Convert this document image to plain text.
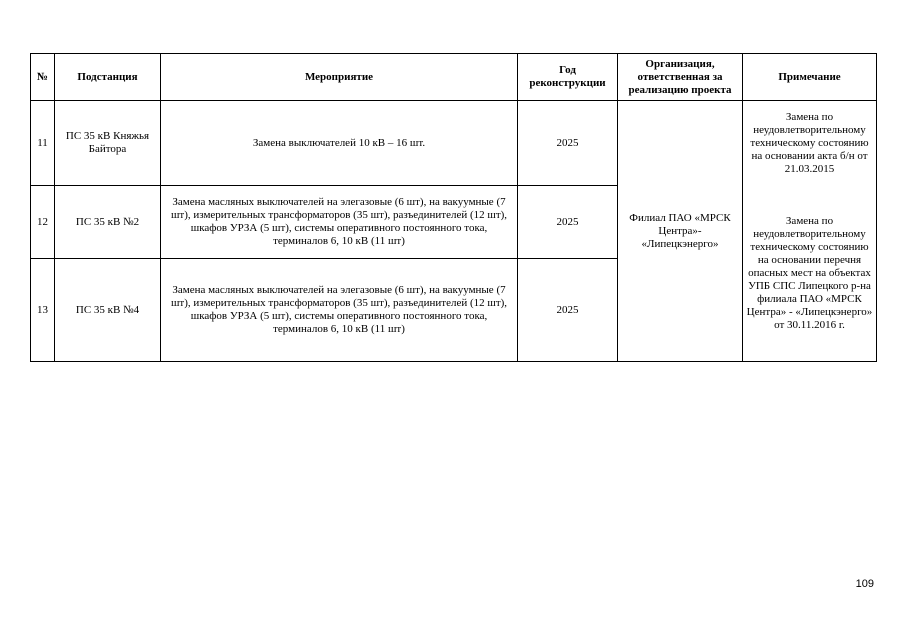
№	Подстанция	Мероприятие	Год реконструкции	Организация, ответственная за реализацию проекта	Примечание
11	ПС 35 кВ Княжья Байтора	Замена выключателей 10 кВ – 16 шт.	2025	Филиал ПАО «МРСК Центра»- «Липецкэнерго»	Замена по неудовлетворительному техническому состоянию на основании акта б/н от 21.03.2015
12	ПС 35 кВ №2	Замена масляных выключателей на элегазовые (6 шт), на вакуумные (7 шт), измерительных трансформаторов (35 шт), разъединителей (12 шт), шкафов УРЗА (5 шт), системы оперативного постоянного тока, терминалов 6, 10 кВ (11 шт)	2025		Замена по неудовлетворительному техническому состоянию на основании перечня опасных мест на объектах УПБ СПС Липецкого р-на филиала ПАО «МРСК Центра» - «Липецкэнерго» от 30.11.2016 г.
13	ПС 35 кВ №4	Замена масляных выключателей на элегазовые (6 шт), на вакуумные (7 шт), измерительных трансформаторов (35 шт), разъединителей (12 шт), шкафов УРЗА (5 шт), системы оперативного постоянного тока, терминалов 6, 10 кВ (11 шт)	2025		
109
